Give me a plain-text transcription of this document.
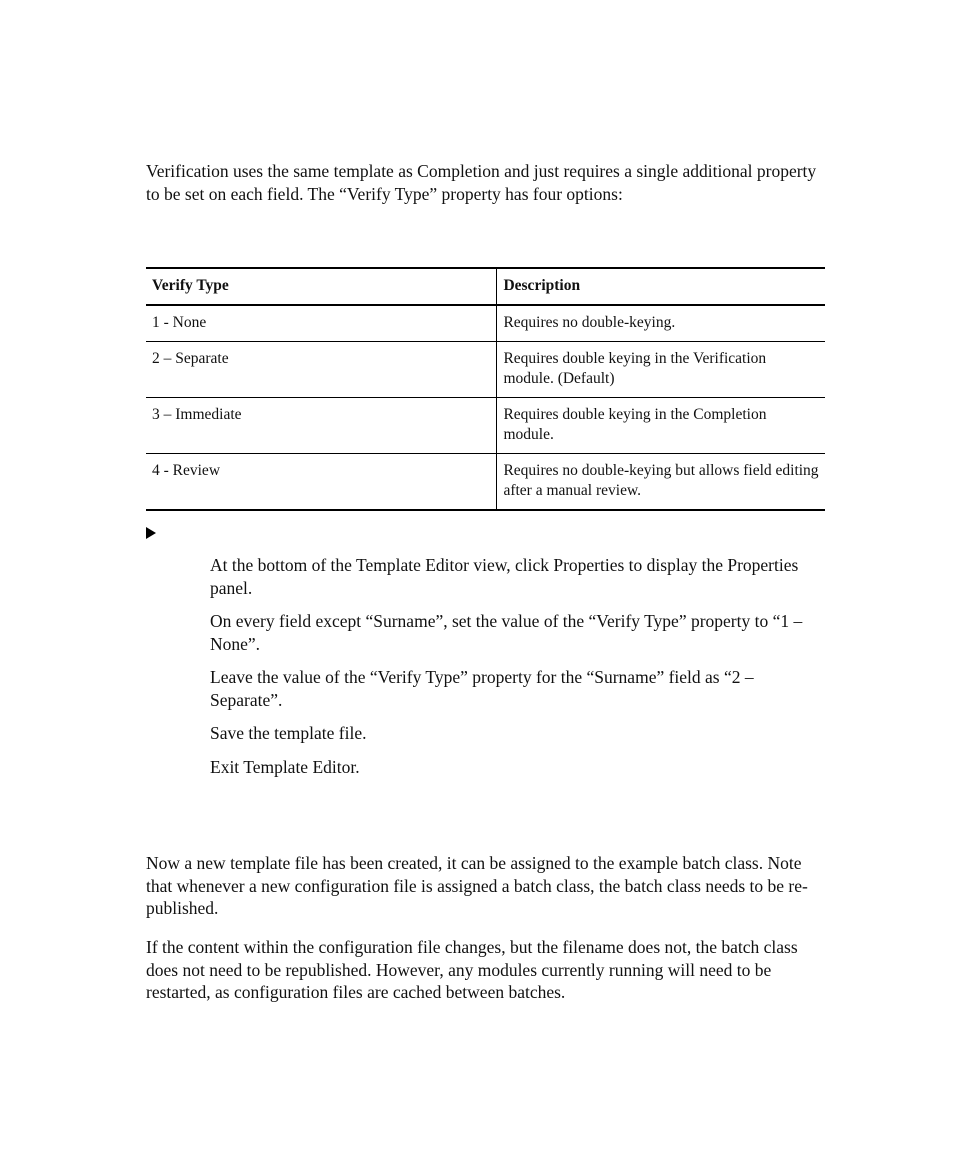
Verification uses the same template as Completion and just requires a single additional property to be set on each field. The “Verify Type” property has four options:

Verify Type	Description
1 - None	Requires no double-keying.
2 – Separate	Requires double keying in the Verification module. (Default)
3 – Immediate	Requires double keying in the Completion module.
4 - Review	Requires no double-keying but allows field editing after a manual review.
At the bottom of the Template Editor view, click Properties to display the Properties panel.
On every field except “Surname”, set the value of the “Verify Type” property to “1 – None”.
Leave the value of the “Verify Type” property for the “Surname” field as “2 – Separate”.
Save the template file.
Exit Template Editor.

Now a new template file has been created, it can be assigned to the example batch class. Note that whenever a new configuration file is assigned a batch class, the batch class needs to be re-published.

If the content within the configuration file changes, but the filename does not, the batch class does not need to be republished. However, any modules currently running will need to be restarted, as configuration files are cached between batches.
